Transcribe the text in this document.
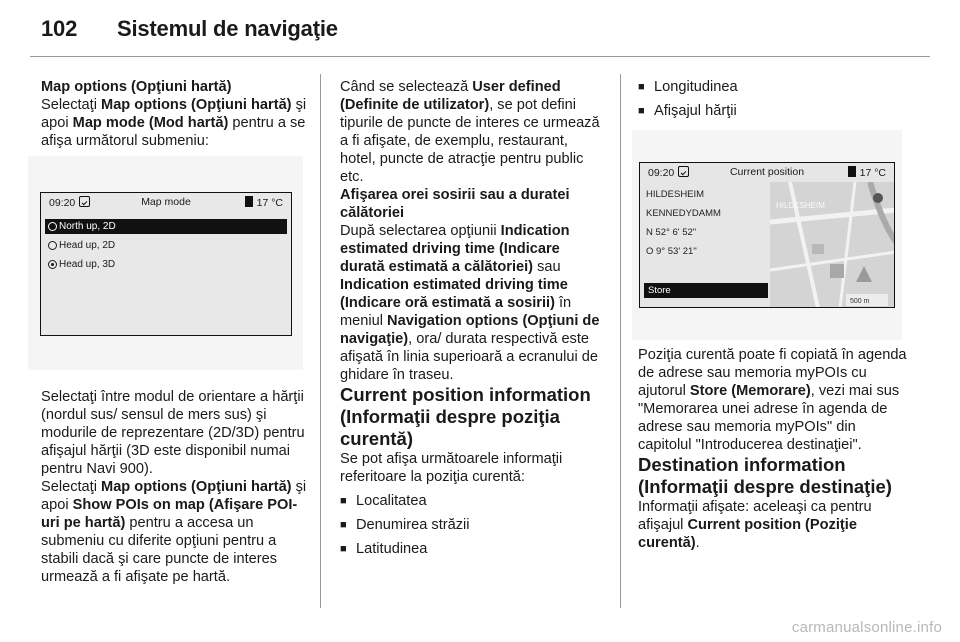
102 Sistemul de navigaţie

Map options (Opţiuni hartă)

Selectaţi Map options (Opţiuni hartă) şi apoi Map mode (Mod hartă) pentru a se afişa următorul submeniu:

Selectaţi între modul de orientare a hărţii (nordul sus/ sensul de mers sus) şi modurile de reprezentare (2D/3D) pentru afişajul hărţii (3D este disponibil numai pentru Navi 900).

Selectaţi Map options (Opţiuni hartă) şi apoi Show POIs on map (Afişare POI-uri pe hartă) pentru a accesa un submeniu cu diferite opţiuni pentru a stabili dacă şi care puncte de interes urmează a fi afişate pe hartă.

09:20	Map mode	17 °C
North up, 2D
Head up, 2D
Head up, 3D

Când se selectează User defined (Definite de utilizator), se pot defini tipurile de puncte de interes ce urmează a fi afişate, de exemplu, restaurant, hotel, puncte de atracţie pentru public etc.

Afişarea orei sosirii sau a duratei călătoriei

După selectarea opţiunii Indication estimated driving time (Indicare durată estimată a călătoriei) sau Indication estimated driving time (Indicare oră estimată a sosirii) în meniul Navigation options (Opţiuni de navigaţie), ora/ durata respectivă este afişată în linia superioară a ecranului de ghidare în traseu.

Current position information (Informaţii despre poziţia curentă)

Se pot afişa următoarele informaţii referitoare la poziţia curentă:

■ Localitatea
■ Denumirea străzii
■ Latitudinea
■ Longitudinea
■ Afişajul hărţii

Poziţia curentă poate fi copiată în agenda de adrese sau memoria myPOIs cu ajutorul Store (Memorare), vezi mai sus "Memorarea unei adrese în agenda de adrese sau memoria myPOIs" din capitolul "Introducerea destinaţiei".

Destination information (Informaţii despre destinaţie)

Informaţii afişate: aceleaşi ca pentru afişajul Current position (Poziţie curentă).

09:20	Current position	17 °C
HILDESHEIM
KENNEDYDAMM
N 52° 6' 52"
O 9° 53' 21"
Store
HILDESHEIM
500 m
carmanualsonline.info
